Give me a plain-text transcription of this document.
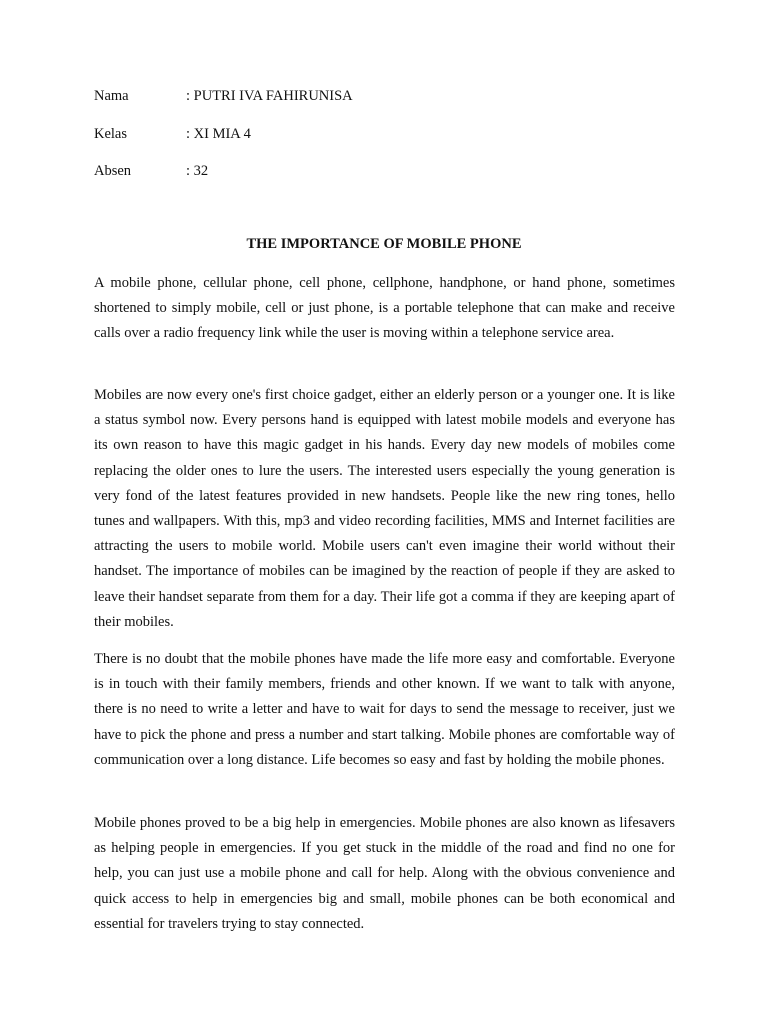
Nama	: PUTRI IVA FAHIRUNISA
Kelas	: XI MIA 4
Absen	: 32
THE IMPORTANCE OF MOBILE PHONE

A mobile phone, cellular phone, cell phone, cellphone, handphone, or hand phone, sometimes shortened to simply mobile, cell or just phone, is a portable telephone that can make and receive calls over a radio frequency link while the user is moving within a telephone service area.

Mobiles are now every one's first choice gadget, either an elderly person or a younger one. It is like a status symbol now. Every persons hand is equipped with latest mobile models and everyone has its own reason to have this magic gadget in his hands. Every day new models of mobiles come replacing the older ones to lure the users. The interested users especially the young generation is very fond of the latest features provided in new handsets. People like the new ring tones, hello tunes and wallpapers. With this, mp3 and video recording facilities, MMS and Internet facilities are attracting the users to mobile world. Mobile users can't even imagine their world without their handset. The importance of mobiles can be imagined by the reaction of people if they are asked to leave their handset separate from them for a day. Their life got a comma if they are keeping apart of their mobiles.

There is no doubt that the mobile phones have made the life more easy and comfortable. Everyone is in touch with their family members, friends and other known. If we want to talk with anyone, there is no need to write a letter and have to wait for days to send the message to receiver, just we have to pick the phone and press a number and start talking. Mobile phones are comfortable way of communication over a long distance. Life becomes so easy and fast by holding the mobile phones.

Mobile phones proved to be a big help in emergencies. Mobile phones are also known as lifesavers as helping people in emergencies. If you get stuck in the middle of the road and find no one for help, you can just use a mobile phone and call for help. Along with the obvious convenience and quick access to help in emergencies big and small, mobile phones can be both economical and essential for travelers trying to stay connected.
